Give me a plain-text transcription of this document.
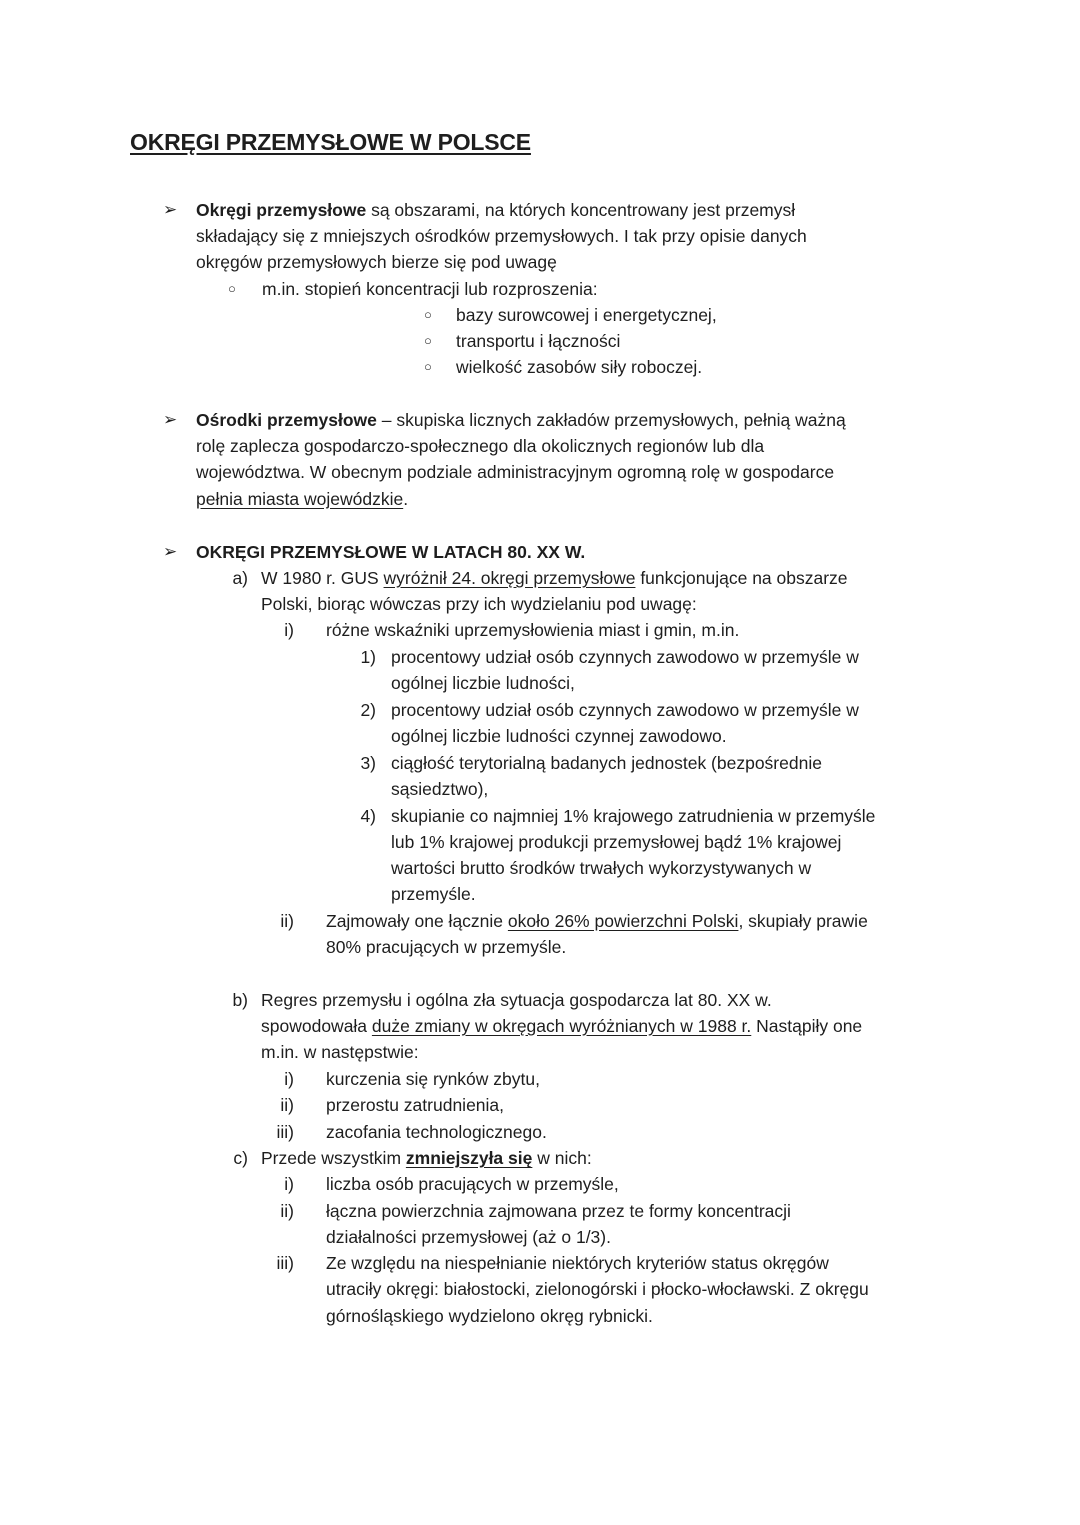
OKRĘGI PRZEMYSŁOWE W POLSCE
➢ Okręgi przemysłowe są obszarami, na których koncentrowany jest przemysł
składający się z mniejszych ośrodków przemysłowych. I tak przy opisie danych
okręgów przemysłowych bierze się pod uwagę
○ m.in. stopień koncentracji lub rozproszenia:
○ bazy surowcowej i energetycznej,
○ transportu i łączności
○ wielkość zasobów siły roboczej.
➢ Ośrodki przemysłowe – skupiska licznych zakładów przemysłowych, pełnią ważną
rolę zaplecza gospodarczo-społecznego dla okolicznych regionów lub dla
województwa. W obecnym podziale administracyjnym ogromną rolę w gospodarce
pełnia miasta wojewódzkie.
➢ OKRĘGI PRZEMYSŁOWE W LATACH 80. XX W.
a) W 1980 r. GUS wyróżnił 24. okręgi przemysłowe funkcjonujące na obszarze
Polski, biorąc wówczas przy ich wydzielaniu pod uwagę:
i) różne wskaźniki uprzemysłowienia miast i gmin, m.in.
1) procentowy udział osób czynnych zawodowo w przemyśle w
ogólnej liczbie ludności,
2) procentowy udział osób czynnych zawodowo w przemyśle w
ogólnej liczbie ludności czynnej zawodowo.
3) ciągłość terytorialną badanych jednostek (bezpośrednie
sąsiedztwo),
4) skupianie co najmniej 1% krajowego zatrudnienia w przemyśle
lub 1% krajowej produkcji przemysłowej bądź 1% krajowej
wartości brutto środków trwałych wykorzystywanych w
przemyśle.
ii) Zajmowały one łącznie około 26% powierzchni Polski, skupiały prawie
80% pracujących w przemyśle.
b) Regres przemysłu i ogólna zła sytuacja gospodarcza lat 80. XX w.
spowodowała duże zmiany w okręgach wyróżnianych w 1988 r. Nastąpiły one
m.in. w następstwie:
i) kurczenia się rynków zbytu,
ii) przerostu zatrudnienia,
iii) zacofania technologicznego.
c) Przede wszystkim zmniejszyła się w nich:
i) liczba osób pracujących w przemyśle,
ii) łączna powierzchnia zajmowana przez te formy koncentracji
działalności przemysłowej (aż o 1/3).
iii) Ze względu na niespełnianie niektórych kryteriów status okręgów
utraciły okręgi: białostocki, zielonogórski i płocko-włocławski. Z okręgu
górnośląskiego wydzielono okręg rybnicki.
